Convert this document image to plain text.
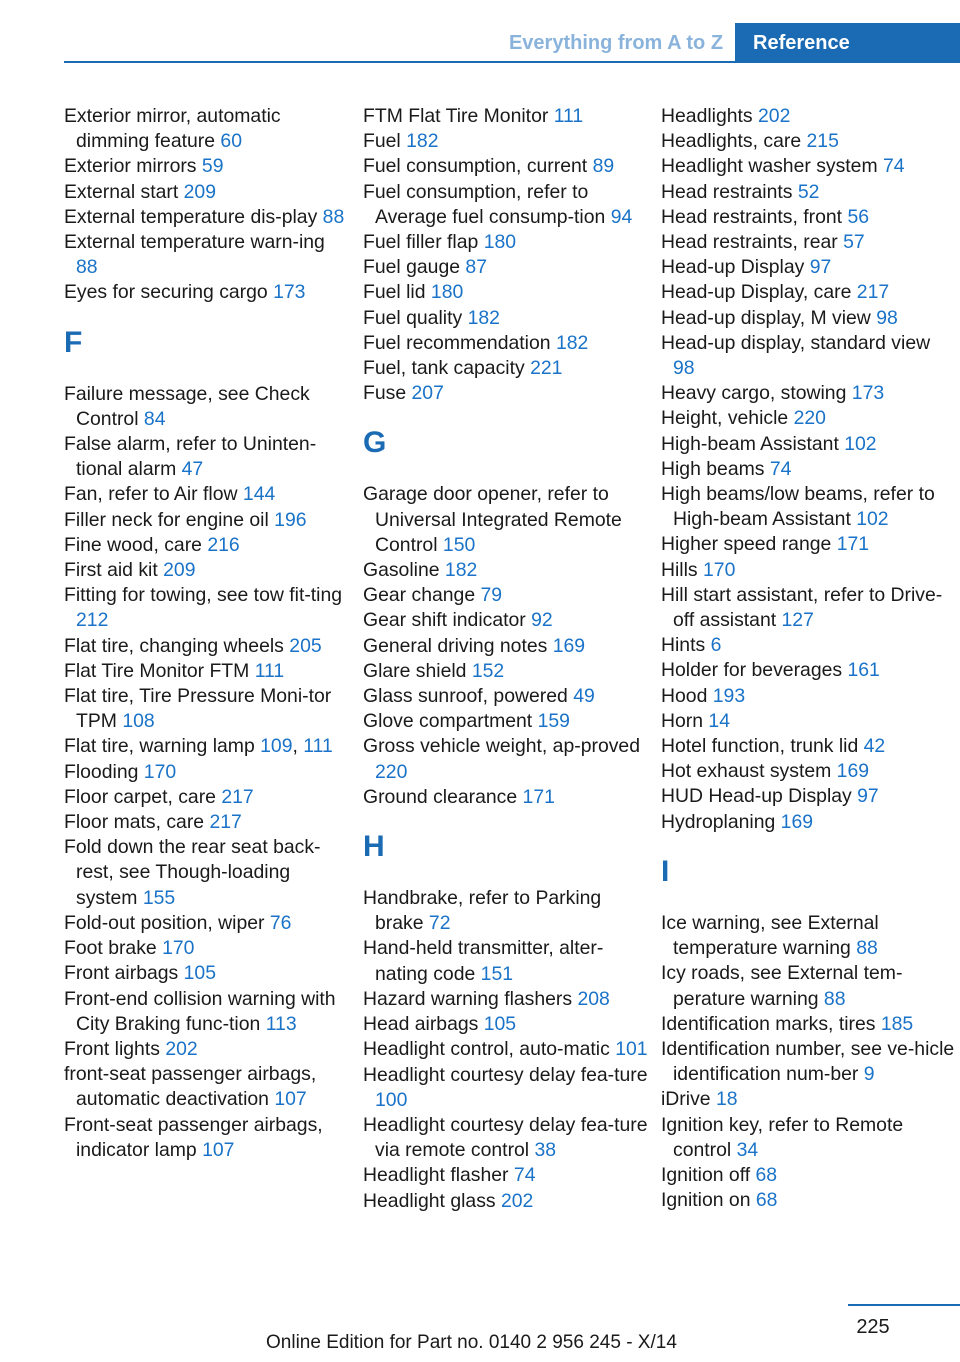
Everything from A to Z	Reference
Exterior mirror, automatic dimming feature 60
Exterior mirrors 59
External start 209
External temperature dis-play 88
External temperature warn-ing 88
Eyes for securing cargo 173
F
Failure message, see Check Control 84
False alarm, refer to Uninten-tional alarm 47
Fan, refer to Air flow 144
Filler neck for engine oil 196
Fine wood, care 216
First aid kit 209
Fitting for towing, see tow fit-ting 212
Flat tire, changing wheels 205
Flat Tire Monitor FTM 111
Flat tire, Tire Pressure Moni-tor TPM 108
Flat tire, warning lamp 109, 111
Flooding 170
Floor carpet, care 217
Floor mats, care 217
Fold down the rear seat back-rest, see Though-loading system 155
Fold-out position, wiper 76
Foot brake 170
Front airbags 105
Front-end collision warning with City Braking func-tion 113
Front lights 202
front-seat passenger airbags, automatic deactivation 107
Front-seat passenger airbags, indicator lamp 107
FTM Flat Tire Monitor 111
Fuel 182
Fuel consumption, current 89
Fuel consumption, refer to Average fuel consump-tion 94
Fuel filler flap 180
Fuel gauge 87
Fuel lid 180
Fuel quality 182
Fuel recommendation 182
Fuel, tank capacity 221
Fuse 207
G
Garage door opener, refer to Universal Integrated Remote Control 150
Gasoline 182
Gear change 79
Gear shift indicator 92
General driving notes 169
Glare shield 152
Glass sunroof, powered 49
Glove compartment 159
Gross vehicle weight, ap-proved 220
Ground clearance 171
H
Handbrake, refer to Parking brake 72
Hand-held transmitter, alter-nating code 151
Hazard warning flashers 208
Head airbags 105
Headlight control, auto-matic 101
Headlight courtesy delay fea-ture 100
Headlight courtesy delay fea-ture via remote control 38
Headlight flasher 74
Headlight glass 202
Headlights 202
Headlights, care 215
Headlight washer system 74
Head restraints 52
Head restraints, front 56
Head restraints, rear 57
Head-up Display 97
Head-up Display, care 217
Head-up display, M view 98
Head-up display, standard view 98
Heavy cargo, stowing 173
Height, vehicle 220
High-beam Assistant 102
High beams 74
High beams/low beams, refer to High-beam Assistant 102
Higher speed range 171
Hills 170
Hill start assistant, refer to Drive-off assistant 127
Hints 6
Holder for beverages 161
Hood 193
Horn 14
Hotel function, trunk lid 42
Hot exhaust system 169
HUD Head-up Display 97
Hydroplaning 169
I
Ice warning, see External temperature warning 88
Icy roads, see External tem-perature warning 88
Identification marks, tires 185
Identification number, see ve-hicle identification num-ber 9
iDrive 18
Ignition key, refer to Remote control 34
Ignition off 68
Ignition on 68
225
Online Edition for Part no. 0140 2 956 245 - X/14
